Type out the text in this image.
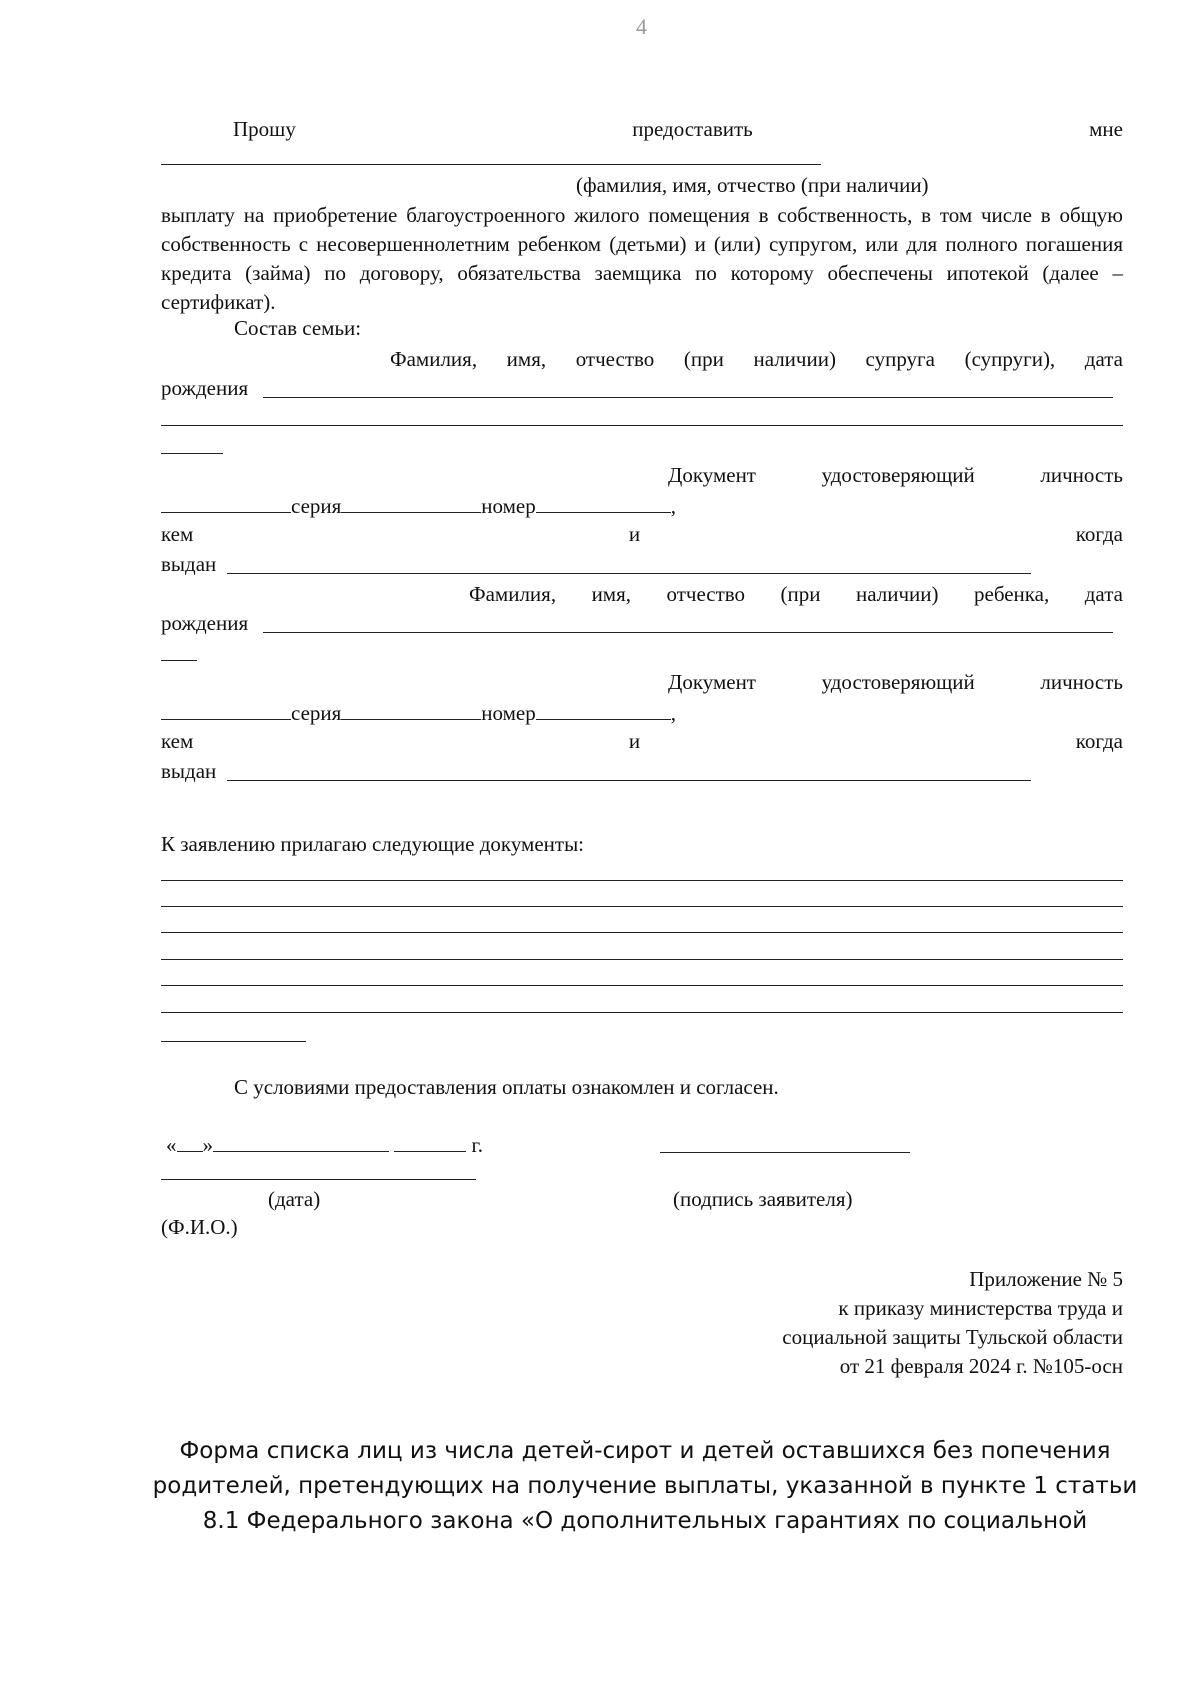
4
Прошу	предоставить	мне
(фамилия, имя, отчество (при наличии)
выплату на приобретение благоустроенного жилого помещения в собственность, в том числе в общую собственность с несовершеннолетним ребенком (детьми) и (или) супругом, или для полного погашения кредита (займа) по договору, обязательства заемщика по которому обеспечены ипотекой (далее – сертификат).
Состав семьи:
Фамилия, имя, отчество (при наличии) супруга (супруги), дата
рождения
Документ	удостоверяющий	личность
серия	номер	,
кем	и	когда
выдан
Фамилия, имя, отчество (при наличии) ребенка, дата
рождения
Документ	удостоверяющий	личность
серия	номер	,
кем	и	когда
выдан
К заявлению прилагаю следующие документы:
С условиями предоставления оплаты ознакомлен и согласен.
« »	г.
(дата)	(подпись заявителя)
(Ф.И.О.)
Приложение № 5
к приказу министерства труда и
социальной защиты Тульской области
от 21 февраля 2024 г. №105-осн
Форма списка лиц из числа детей-сирот и детей оставшихся без попечения
родителей, претендующих на получение выплаты, указанной в пункте 1 статьи
8.1 Федерального закона «О дополнительных гарантиях по социальной
